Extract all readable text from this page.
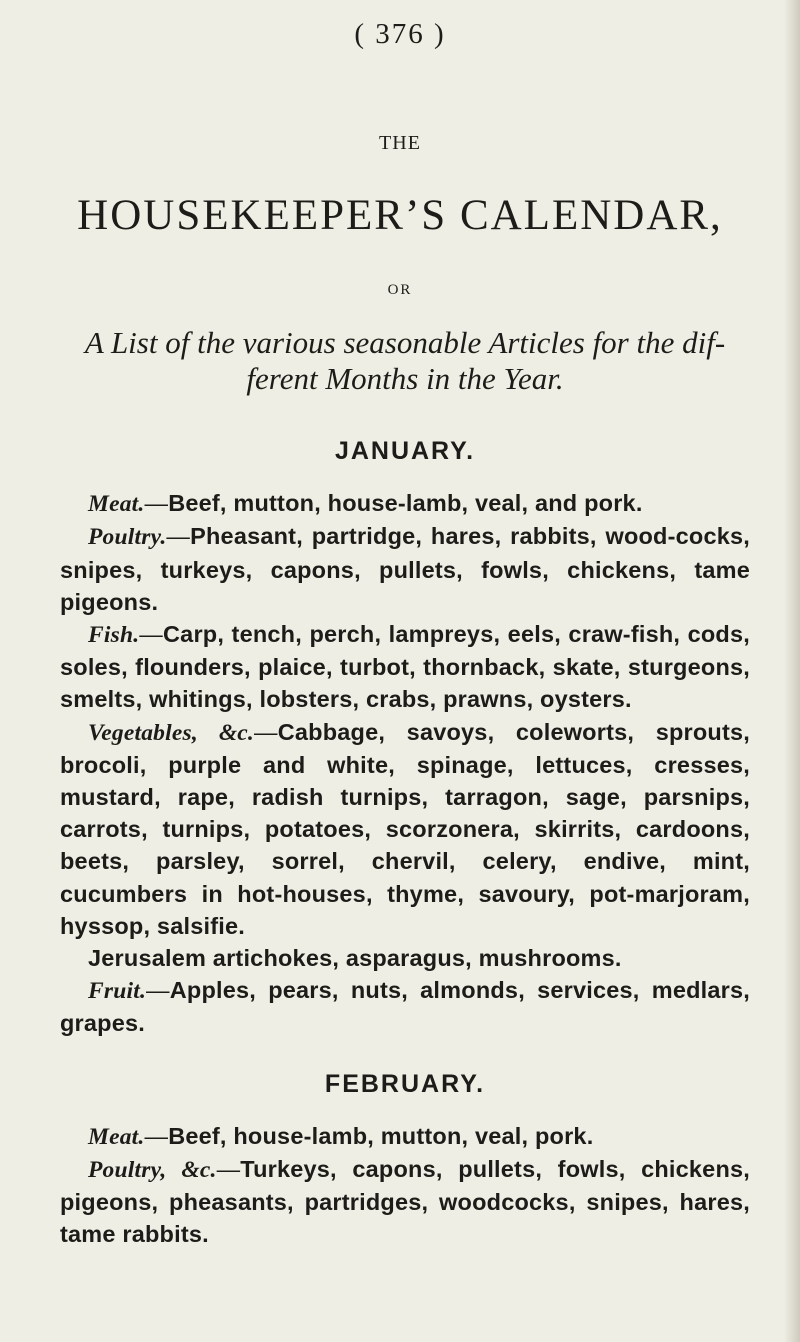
( 376 )
THE
HOUSEKEEPER’S CALENDAR,
OR
A List of the various seasonable Articles for the dif- ferent Months in the Year.
JANUARY.

Meat.—Beef, mutton, house-lamb, veal, and pork.

Poultry.—Pheasant, partridge, hares, rabbits, wood-cocks, snipes, turkeys, capons, pullets, fowls, chickens, tame pigeons.

Fish.—Carp, tench, perch, lampreys, eels, craw-fish, cods, soles, flounders, plaice, turbot, thornback, skate, sturgeons, smelts, whitings, lobsters, crabs, prawns, oysters.

Vegetables, &c.—Cabbage, savoys, coleworts, sprouts, brocoli, purple and white, spinage, lettuces, cresses, mustard, rape, radish turnips, tarragon, sage, parsnips, carrots, turnips, potatoes, scorzonera, skirrits, cardoons, beets, parsley, sorrel, chervil, celery, endive, mint, cucumbers in hot-houses, thyme, savoury, pot-marjoram, hyssop, salsifie.

Jerusalem artichokes, asparagus, mushrooms.

Fruit.—Apples, pears, nuts, almonds, services, medlars, grapes.

FEBRUARY.

Meat.—Beef, house-lamb, mutton, veal, pork.

Poultry, &c.—Turkeys, capons, pullets, fowls, chickens, pigeons, pheasants, partridges, woodcocks, snipes, hares, tame rabbits.
